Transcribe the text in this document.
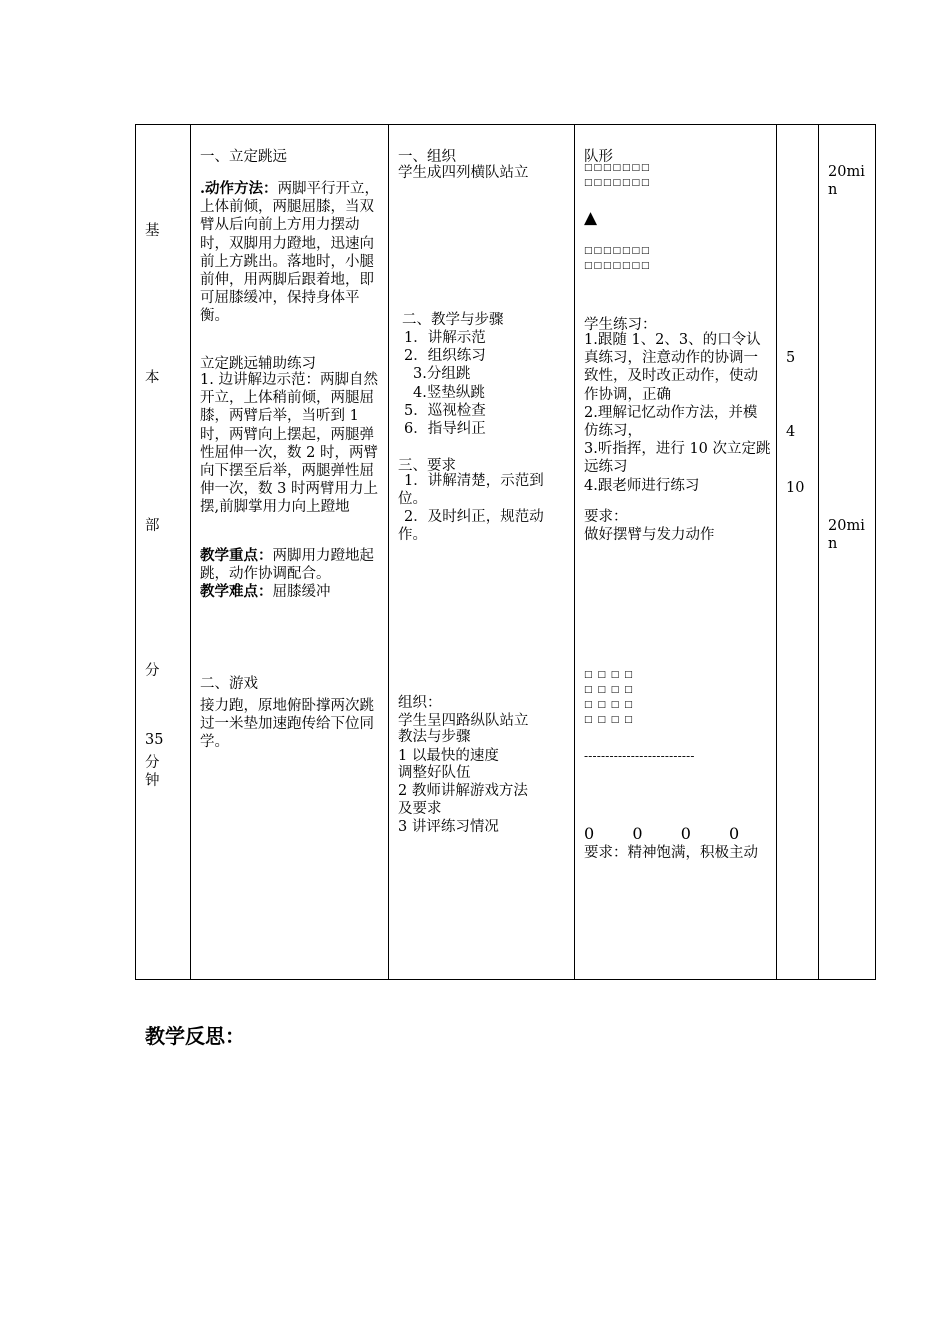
基
本
部
分
35
分
钟
一、立定跳远
.动作方法：两脚平行开立，上体前倾，两腿屈膝，当双臂从后向前上方用力摆动时，双脚用力蹬地，迅速向前上方跳出。落地时，小腿前伸，用两脚后跟着地，即可屈膝缓冲，保持身体平衡。
立定跳远辅助练习
1. 边讲解边示范：两脚自然开立，上体稍前倾，两腿屈膝，两臂后举，当听到 1 时，两臂向上摆起，两腿弹性屈伸一次，数 2 时，两臂向下摆至后举，两腿弹性屈伸一次，数 3 时两臂用力上摆,前脚掌用力向上蹬地
教学重点：两脚用力蹬地起跳，动作协调配合。
教学难点：屈膝缓冲
二、游戏
接力跑，原地俯卧撑两次跳过一米垫加速跑传给下位同学。
一、组织
学生成四列横队站立
二、教学与步骤
1．讲解示范
2．组织练习
3.分组跳
4.竖垫纵跳
5．巡视检查
6．指导纠正
三、要求
1．讲解清楚，示范到位。
2．及时纠正，规范动作。
组织：
学生呈四路纵队站立
教法与步骤
1 以最快的速度
调整好队伍
2 教师讲解游戏方法
及要求
3 讲评练习情况
队形
□□□□□□□
□□□□□□□
▲
□□□□□□□
□□□□□□□
学生练习：
1.跟随 1、2、3、的口令认真练习，注意动作的协调一致性，及时改正动作，使动作协调，正确
2.理解记忆动作方法，并模仿练习，
3.听指挥，进行 10 次立定跳远练习
4.跟老师进行练习
要求：
做好摆臂与发力动作
□ □ □ □
□ □ □ □
□ □ □ □
□ □ □ □
--------------------------
0  0  0  0
要求：精神饱满，积极主动
5
4
10
20min
20min
教学反思：
